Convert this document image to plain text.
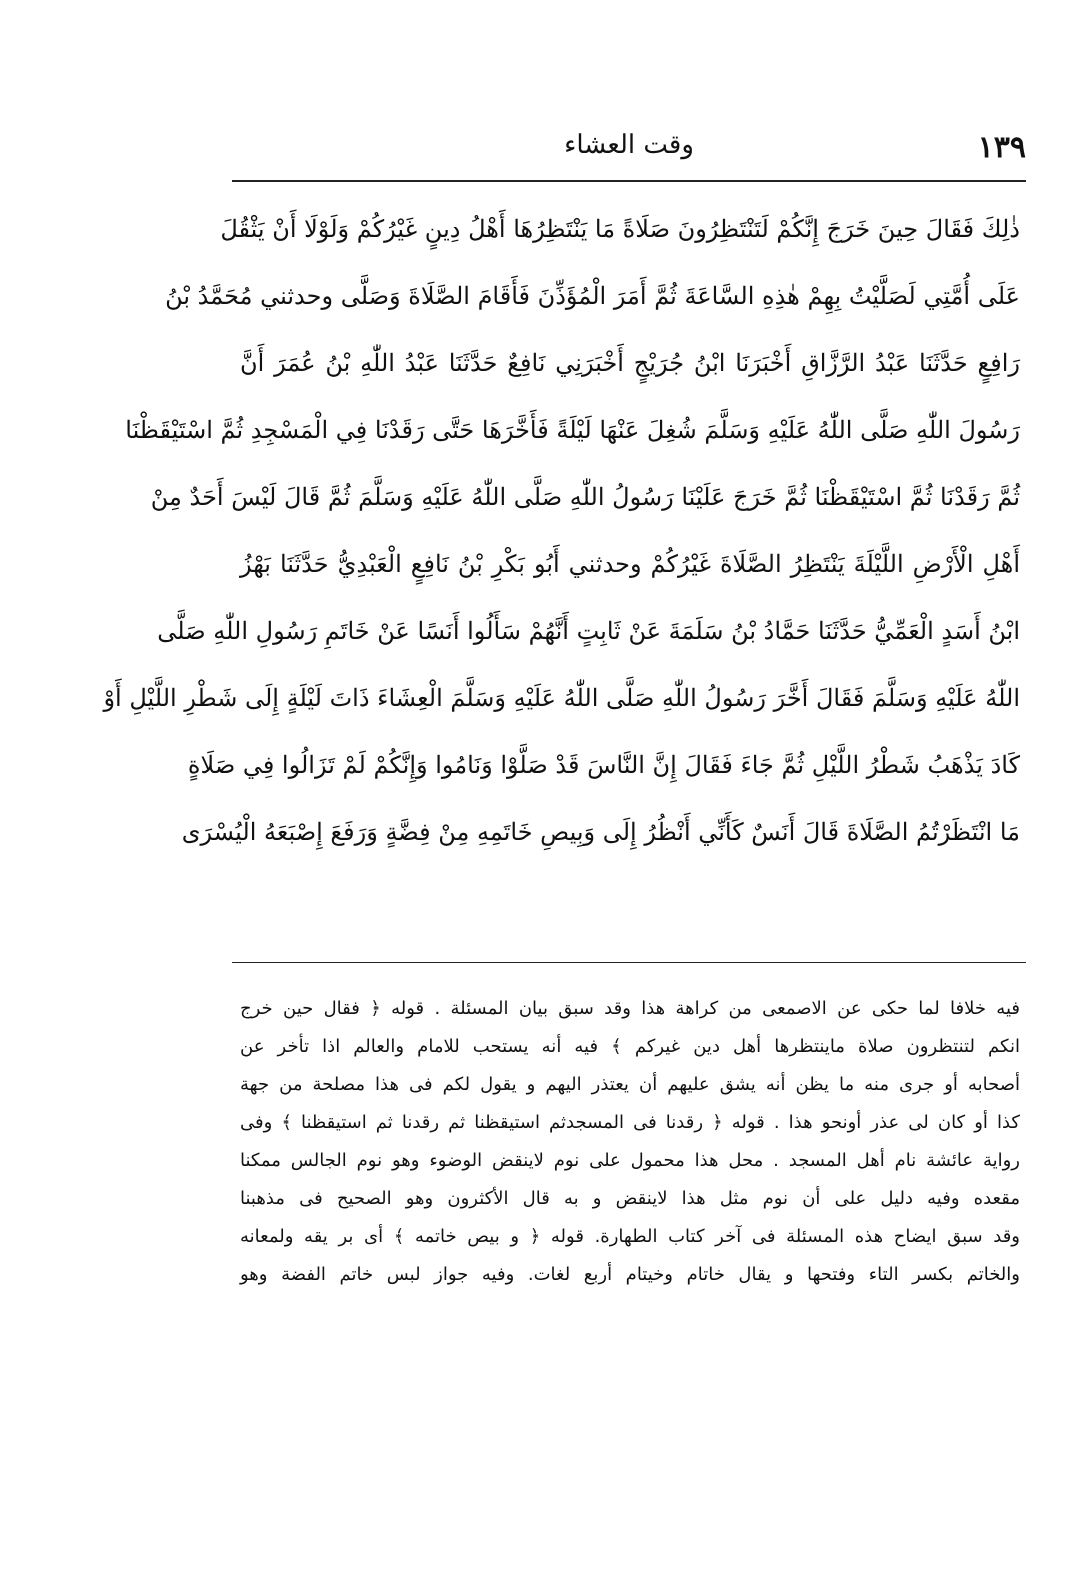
١٣٩
وقت العشاء
ذٰلِكَ فَقَالَ حِينَ خَرَجَ إِنَّكُمْ لَتَنْتَظِرُونَ صَلَاةً مَا يَنْتَظِرُهَا أَهْلُ دِينٍ غَيْرُكُمْ وَلَوْلَا أَنْ يَثْقُلَ
عَلَى أُمَّتِي لَصَلَّيْتُ بِهِمْ هٰذِهِ السَّاعَةَ ثُمَّ أَمَرَ الْمُؤَذِّنَ فَأَقَامَ الصَّلَاةَ وَصَلَّى وحدثني مُحَمَّدُ بْنُ
رَافِعٍ حَدَّثَنَا عَبْدُ الرَّزَّاقِ أَخْبَرَنَا ابْنُ جُرَيْجٍ أَخْبَرَنِي نَافِعٌ حَدَّثَنَا عَبْدُ اللّٰهِ بْنُ عُمَرَ أَنَّ
رَسُولَ اللّٰهِ صَلَّى اللّٰهُ عَلَيْهِ وَسَلَّمَ شُغِلَ عَنْهَا لَيْلَةً فَأَخَّرَهَا حَتَّى رَقَدْنَا فِي الْمَسْجِدِ ثُمَّ اسْتَيْقَظْنَا
ثُمَّ رَقَدْنَا ثُمَّ اسْتَيْقَظْنَا ثُمَّ خَرَجَ عَلَيْنَا رَسُولُ اللّٰهِ صَلَّى اللّٰهُ عَلَيْهِ وَسَلَّمَ ثُمَّ قَالَ لَيْسَ أَحَدٌ مِنْ
أَهْلِ الْأَرْضِ اللَّيْلَةَ يَنْتَظِرُ الصَّلَاةَ غَيْرُكُمْ وحدثني أَبُو بَكْرِ بْنُ نَافِعٍ الْعَبْدِيُّ حَدَّثَنَا بَهْزُ
ابْنُ أَسَدٍ الْعَمِّيُّ حَدَّثَنَا حَمَّادُ بْنُ سَلَمَةَ عَنْ ثَابِتٍ أَنَّهُمْ سَأَلُوا أَنَسًا عَنْ خَاتَمِ رَسُولِ اللّٰهِ صَلَّى
اللّٰهُ عَلَيْهِ وَسَلَّمَ فَقَالَ أَخَّرَ رَسُولُ اللّٰهِ صَلَّى اللّٰهُ عَلَيْهِ وَسَلَّمَ الْعِشَاءَ ذَاتَ لَيْلَةٍ إِلَى شَطْرِ اللَّيْلِ أَوْ
كَادَ يَذْهَبُ شَطْرُ اللَّيْلِ ثُمَّ جَاءَ فَقَالَ إِنَّ النَّاسَ قَدْ صَلَّوْا وَنَامُوا وَإِنَّكُمْ لَمْ تَزَالُوا فِي صَلَاةٍ
مَا انْتَظَرْتُمُ الصَّلَاةَ قَالَ أَنَسٌ كَأَنِّي أَنْظُرُ إِلَى وَبِيصِ خَاتَمِهِ مِنْ فِضَّةٍ وَرَفَعَ إِصْبَعَهُ الْيُسْرَى
فيه خلافا لما حكى عن الاصمعى من كراهة هذا وقد سبق بيان المسئلة . قوله ﴿ فقال حين خرج
انكم لتنتظرون صلاة ماينتظرها أهل دين غيركم ﴾ فيه أنه يستحب للامام والعالم اذا تأخر عن
أصحابه أو جرى منه ما يظن أنه يشق عليهم أن يعتذر اليهم و يقول لكم فى هذا مصلحة من جهة
كذا أو كان لى عذر أونحو هذا . قوله ﴿ رقدنا فى المسجدثم استيقظنا ثم رقدنا ثم استيقظنا ﴾ وفى
رواية عائشة نام أهل المسجد . محل هذا محمول على نوم لاينقض الوضوء وهو نوم الجالس ممكنا
مقعده وفيه دليل على أن نوم مثل هذا لاينقض و به قال الأكثرون وهو الصحيح فى مذهبنا
وقد سبق ايضاح هذه المسئلة فى آخر كتاب الطهارة. قوله ﴿ و بيص خاتمه ﴾ أى بر يقه ولمعانه
والخاتم بكسر التاء وفتحها و يقال خاتام وخيتام أربع لغات. وفيه جواز لبس خاتم الفضة وهو
